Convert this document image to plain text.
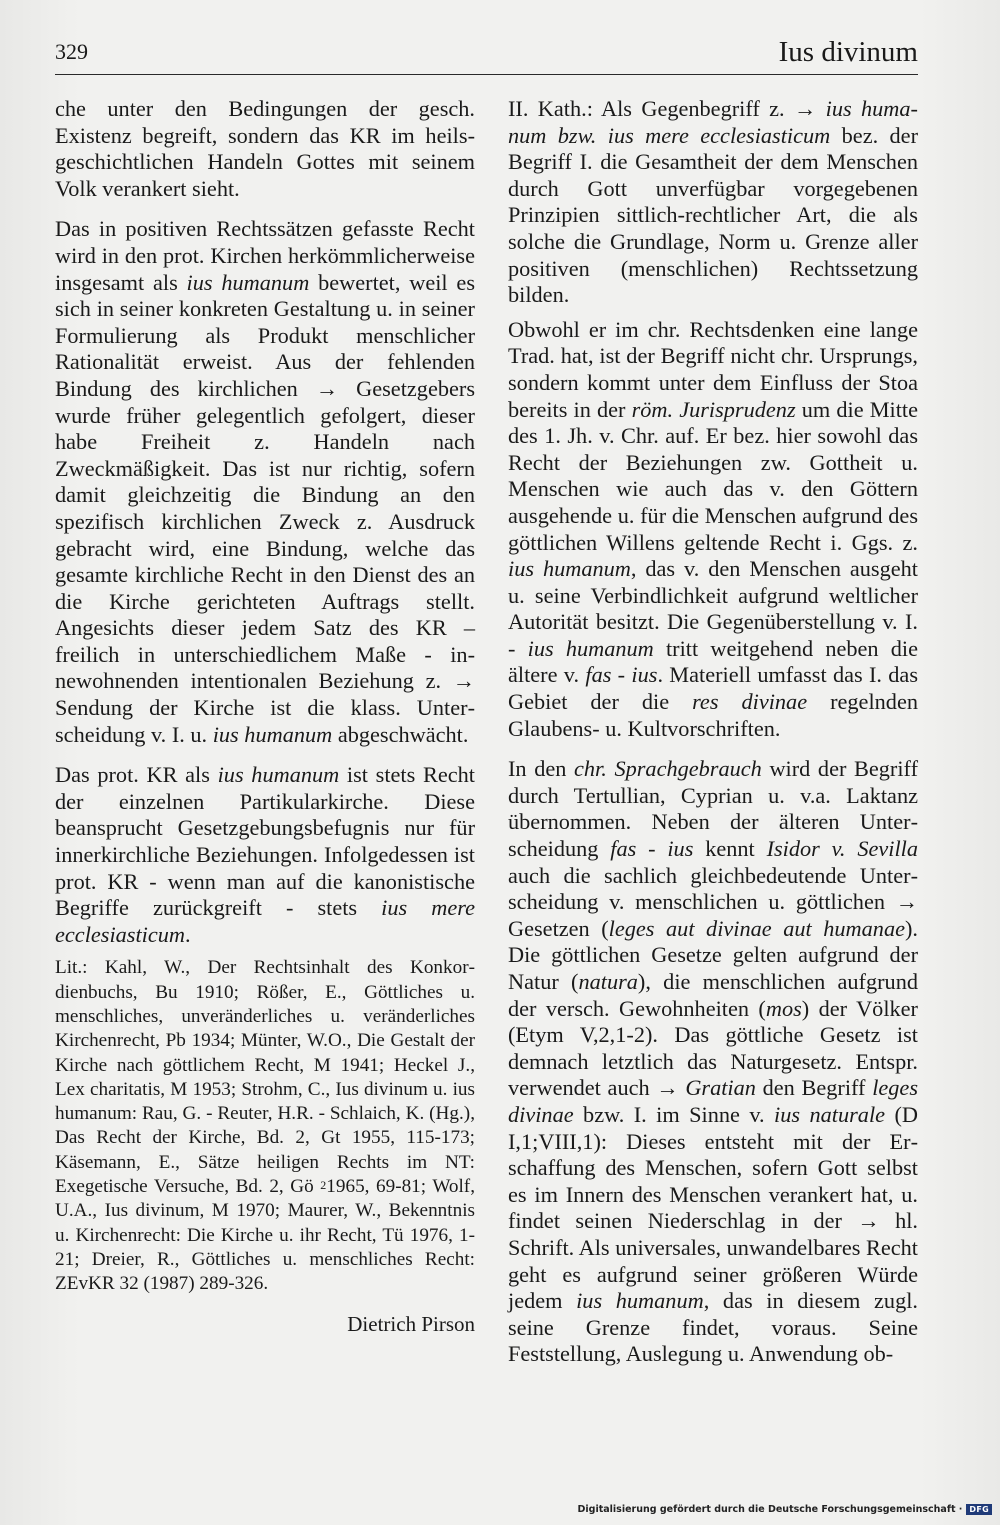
329	Ius divinum

che unter den Bedingungen der gesch. Existenz begreift, sondern das KR im heilsgeschichtlichen Handeln Gottes mit seinem Volk verankert sieht.

Das in positiven Rechtssätzen gefasste Recht wird in den prot. Kirchen herkömmlicherweise insgesamt als ius humanum bewertet, weil es sich in seiner konkreten Gestaltung u. in seiner Formulierung als Produkt menschlicher Rationalität erweist. Aus der fehlenden Bindung des kirchlichen → Gesetzgebers wurde früher gelegentlich gefolgert, dieser habe Freiheit z. Handeln nach Zweckmäßigkeit. Das ist nur richtig, sofern damit gleichzeitig die Bindung an den spezifisch kirchlichen Zweck z. Ausdruck gebracht wird, eine Bindung, welche das gesamte kirchliche Recht in den Dienst des an die Kirche gerichteten Auftrags stellt. Angesichts dieser jedem Satz des KR – freilich in unterschiedlichem Maße - innewohnenden intentionalen Beziehung z. → Sendung der Kirche ist die klass. Unterscheidung v. I. u. ius humanum abgeschwächt.

Das prot. KR als ius humanum ist stets Recht der einzelnen Partikularkirche. Diese beansprucht Gesetzgebungsbefugnis nur für innerkirchliche Beziehungen. Infolgedessen ist prot. KR - wenn man auf die kanonistische Begriffe zurückgreift - stets ius mere ecclesiasticum.

Lit.: Kahl, W., Der Rechtsinhalt des Konkordienbuchs, Bu 1910; Rößer, E., Göttliches u. menschliches, unveränderliches u. veränderliches Kirchenrecht, Pb 1934; Münter, W.O., Die Gestalt der Kirche nach göttlichem Recht, M 1941; Heckel J., Lex charitatis, M 1953; Strohm, C., Ius divinum u. ius humanum: Rau, G. - Reuter, H.R. - Schlaich, K. (Hg.), Das Recht der Kirche, Bd. 2, Gt 1955, 115-173; Käsemann, E., Sätze heiligen Rechts im NT: Exegetische Versuche, Bd. 2, Gö $^2$1965, 69-81; Wolf, U.A., Ius divinum, M 1970; Maurer, W., Bekenntnis u. Kirchenrecht: Die Kirche u. ihr Recht, Tü 1976, 1-21; Dreier, R., Göttliches u. menschliches Recht: ZEvKR 32 (1987) 289-326.

Dietrich Pirson

II. Kath.: Als Gegenbegriff z. → ius humanum bzw. ius mere ecclesiasticum bez. der Begriff I. die Gesamtheit der dem Menschen durch Gott unverfügbar vorgegebenen Prinzipien sittlich-rechtlicher Art, die als solche die Grundlage, Norm u. Grenze aller positiven (menschlichen) Rechtssetzung bilden.

Obwohl er im chr. Rechtsdenken eine lange Trad. hat, ist der Begriff nicht chr. Ursprungs, sondern kommt unter dem Einfluss der Stoa bereits in der röm. Jurisprudenz um die Mitte des 1. Jh. v. Chr. auf. Er bez. hier sowohl das Recht der Beziehungen zw. Gottheit u. Menschen wie auch das v. den Göttern ausgehende u. für die Menschen aufgrund des göttlichen Willens geltende Recht i. Ggs. z. ius humanum, das v. den Menschen ausgeht u. seine Verbindlichkeit aufgrund weltlicher Autorität besitzt. Die Gegenüberstellung v. I. - ius humanum tritt weitgehend neben die ältere v. fas - ius. Materiell umfasst das I. das Gebiet der die res divinae regelnden Glaubens- u. Kultvorschriften.

In den chr. Sprachgebrauch wird der Begriff durch Tertullian, Cyprian u. v.a. Laktanz übernommen. Neben der älteren Unterscheidung fas - ius kennt Isidor v. Sevilla auch die sachlich gleichbedeutende Unterscheidung v. menschlichen u. göttlichen → Gesetzen (leges aut divinae aut humanae). Die göttlichen Gesetze gelten aufgrund der Natur (natura), die menschlichen aufgrund der versch. Gewohnheiten (mos) der Völker (Etym V,2,1-2). Das göttliche Gesetz ist demnach letztlich das Naturgesetz. Entspr. verwendet auch → Gratian den Begriff leges divinae bzw. I. im Sinne v. ius naturale (D I,1;VIII,1): Dieses entsteht mit der Erschaffung des Menschen, sofern Gott selbst es im Innern des Menschen verankert hat, u. findet seinen Niederschlag in der → hl. Schrift. Als universales, unwandelbares Recht geht es aufgrund seiner größeren Würde jedem ius humanum, das in diesem zugl. seine Grenze findet, voraus. Seine Feststellung, Auslegung u. Anwendung ob-

Digitalisierung gefördert durch die Deutsche Forschungsgemeinschaft · DFG
